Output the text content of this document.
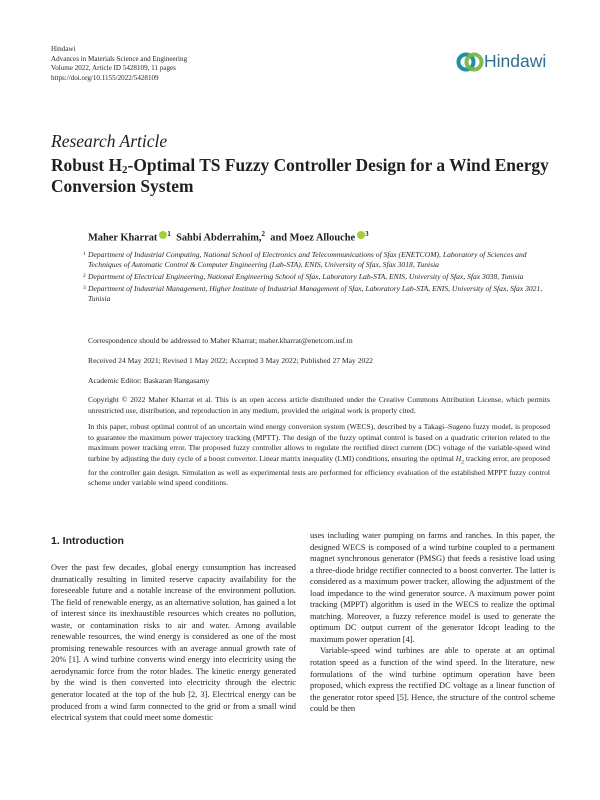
Hindawi
Advances in Materials Science and Engineering
Volume 2022, Article ID 5428109, 11 pages
https://doi.org/10.1155/2022/5428109
Hindawi
Research Article
Robust $H_2$-Optimal TS Fuzzy Controller Design for a Wind Energy Conversion System
Maher Kharrat $^1$ Sahbi Abderrahim,$^2$ and Moez Allouche $^3$
1 Department of Industrial Computing, National School of Electronics and Telecommunications of Sfax (ENETCOM), Laboratory of Sciences and Techniques of Automatic Control & Computer Engineering (Lab-STA), ENIS, University of Sfax, Sfax 3018, Tunisia
2 Department of Electrical Engineering, National Engineering School of Sfax, Laboratory Lab-STA, ENIS, University of Sfax, Sfax 3038, Tunisia
3 Department of Industrial Management, Higher Institute of Industrial Management of Sfax, Laboratory Lab-STA, ENIS, University of Sfax, Sfax 3021, Tunisia
Correspondence should be addressed to Maher Kharrat; maher.kharrat@enetcom.usf.tn
Received 24 May 2021; Revised 1 May 2022; Accepted 3 May 2022; Published 27 May 2022
Academic Editor: Baskaran Rangasamy
Copyright © 2022 Maher Kharrat et al. This is an open access article distributed under the Creative Commons Attribution License, which permits unrestricted use, distribution, and reproduction in any medium, provided the original work is properly cited.
In this paper, robust optimal control of an uncertain wind energy conversion system (WECS), described by a Takagi–Sugeno fuzzy model, is proposed to guarantee the maximum power trajectory tracking (MPTT). The design of the fuzzy optimal control is based on a quadratic criterion related to the maximum power tracking error. The proposed fuzzy controller allows to regulate the rectified direct current (DC) voltage of the variable-speed wind turbine by adjusting the duty cycle of a boost converter. Linear matrix inequality (LMI) conditions, ensuring the optimal $H_2$ tracking error, are proposed for the controller gain design. Simulation as well as experimental tests are performed for efficiency evaluation of the established MPPT fuzzy control scheme under variable wind speed conditions.
1. Introduction

Over the past few decades, global energy consumption has increased dramatically resulting in limited reserve capacity availability for the foreseeable future and a notable increase of the environment pollution. The field of renewable energy, as an alternative solution, has gained a lot of interest since its inexhaustible resources which creates no pollution, waste, or contamination risks to air and water. Among available renewable resources, the wind energy is considered as one of the most promising renewable resources with an average annual growth rate of 20% [1]. A wind turbine converts wind energy into electricity using the aerodynamic force from the rotor blades. The kinetic energy generated by the wind is then converted into electricity through the electric generator located at the top of the hub [2, 3]. Electrical energy can be produced from a wind farm connected to the grid or from a small wind electrical system that could meet some domestic

uses including water pumping on farms and ranches. In this paper, the designed WECS is composed of a wind turbine coupled to a permanent magnet synchronous generator (PMSG) that feeds a resistive load using a three-diode bridge rectifier connected to a boost converter. The latter is considered as a maximum power tracker, allowing the adjustment of the load impedance to the wind generator source. A maximum power point tracking (MPPT) algorithm is used in the WECS to realize the optimal matching. Moreover, a fuzzy reference model is used to generate the optimum DC output current of the generator Idcopt leading to the maximum power operation [4].

Variable-speed wind turbines are able to operate at an optimal rotation speed as a function of the wind speed. In the literature, new formulations of the wind turbine optimum operation have been proposed, which express the rectified DC voltage as a linear function of the generator rotor speed [5]. Hence, the structure of the control scheme could be then
